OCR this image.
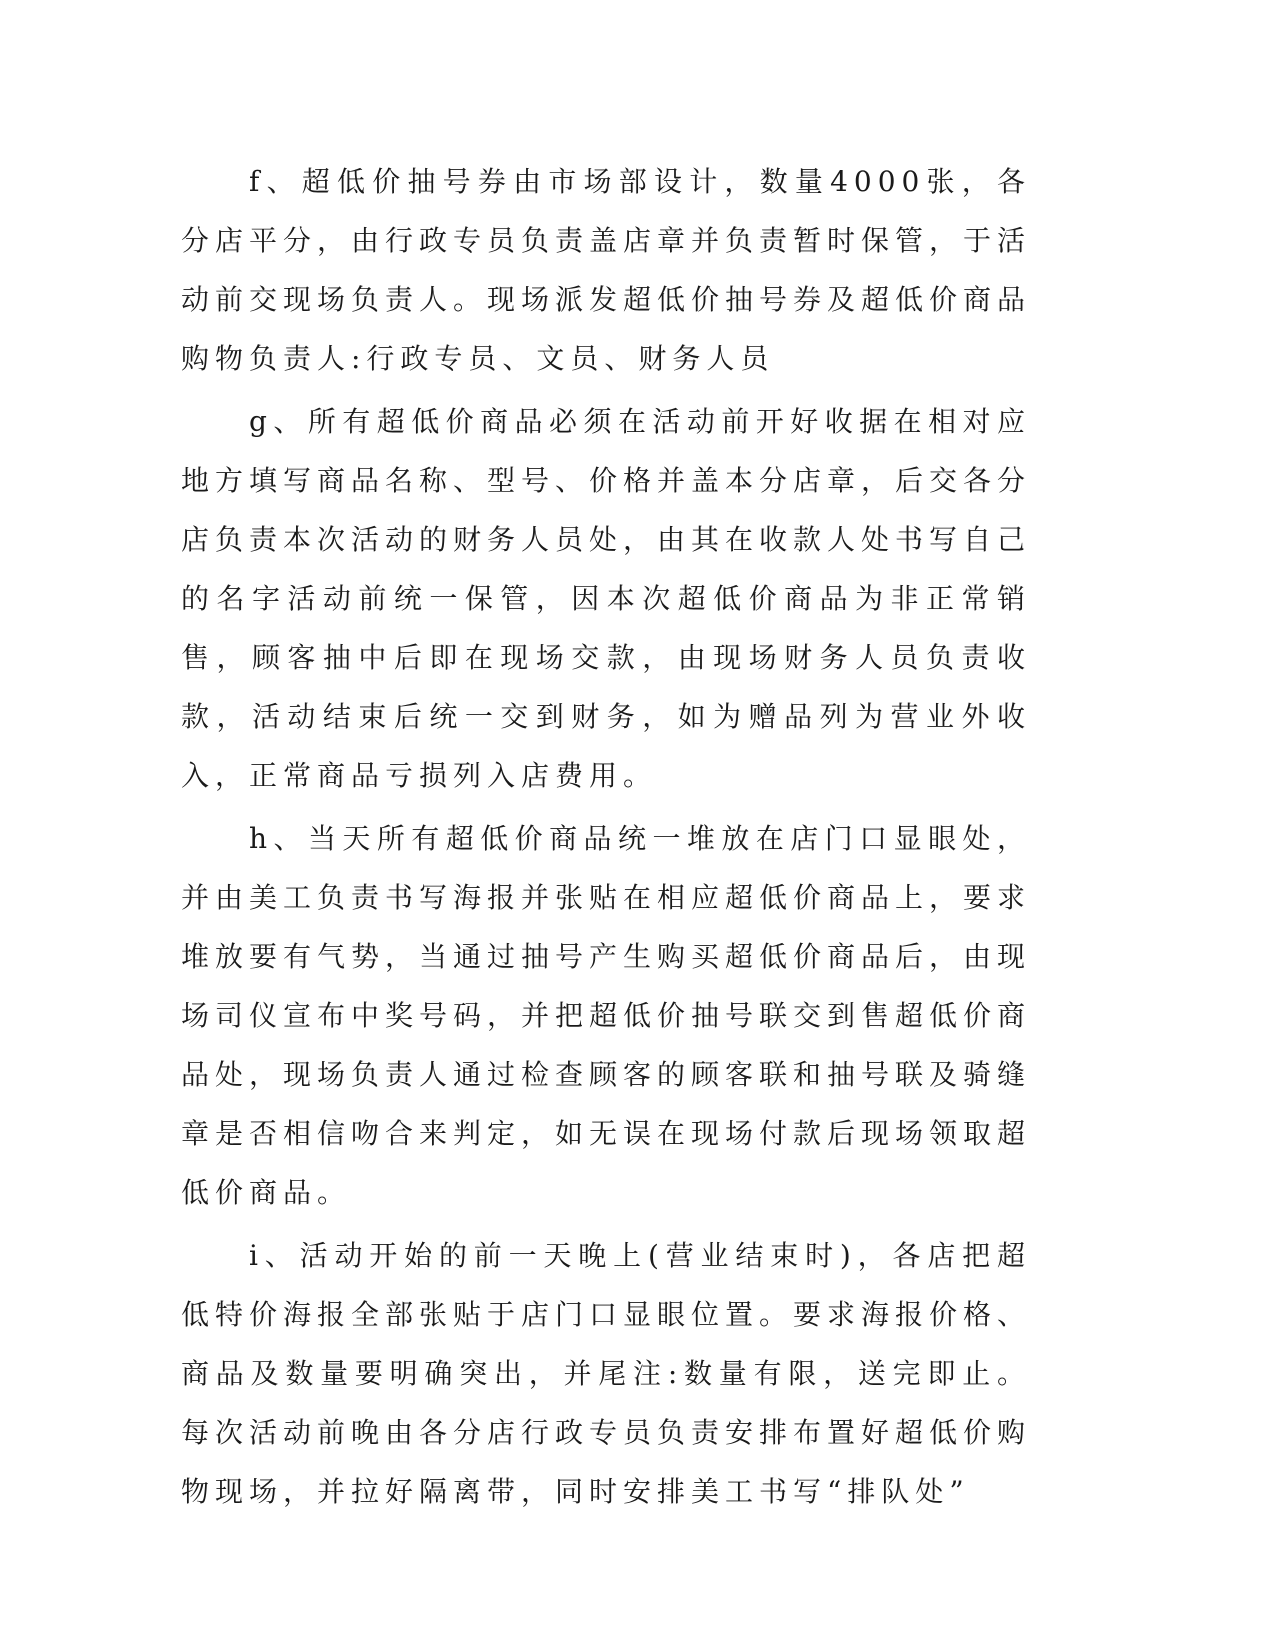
f、超低价抽号券由市场部设计，数量4000张，各分店平分，由行政专员负责盖店章并负责暂时保管，于活动前交现场负责人。现场派发超低价抽号券及超低价商品购物负责人:行政专员、文员、财务人员

g、所有超低价商品必须在活动前开好收据在相对应地方填写商品名称、型号、价格并盖本分店章，后交各分店负责本次活动的财务人员处，由其在收款人处书写自己的名字活动前统一保管，因本次超低价商品为非正常销售，顾客抽中后即在现场交款，由现场财务人员负责收款，活动结束后统一交到财务，如为赠品列为营业外收入，正常商品亏损列入店费用。

h、当天所有超低价商品统一堆放在店门口显眼处，并由美工负责书写海报并张贴在相应超低价商品上，要求堆放要有气势，当通过抽号产生购买超低价商品后，由现场司仪宣布中奖号码，并把超低价抽号联交到售超低价商品处，现场负责人通过检查顾客的顾客联和抽号联及骑缝章是否相信吻合来判定，如无误在现场付款后现场领取超低价商品。

i、活动开始的前一天晚上(营业结束时)，各店把超低特价海报全部张贴于店门口显眼位置。要求海报价格、商品及数量要明确突出，并尾注:数量有限，送完即止。每次活动前晚由各分店行政专员负责安排布置好超低价购物现场，并拉好隔离带，同时安排美工书写“排队处”
